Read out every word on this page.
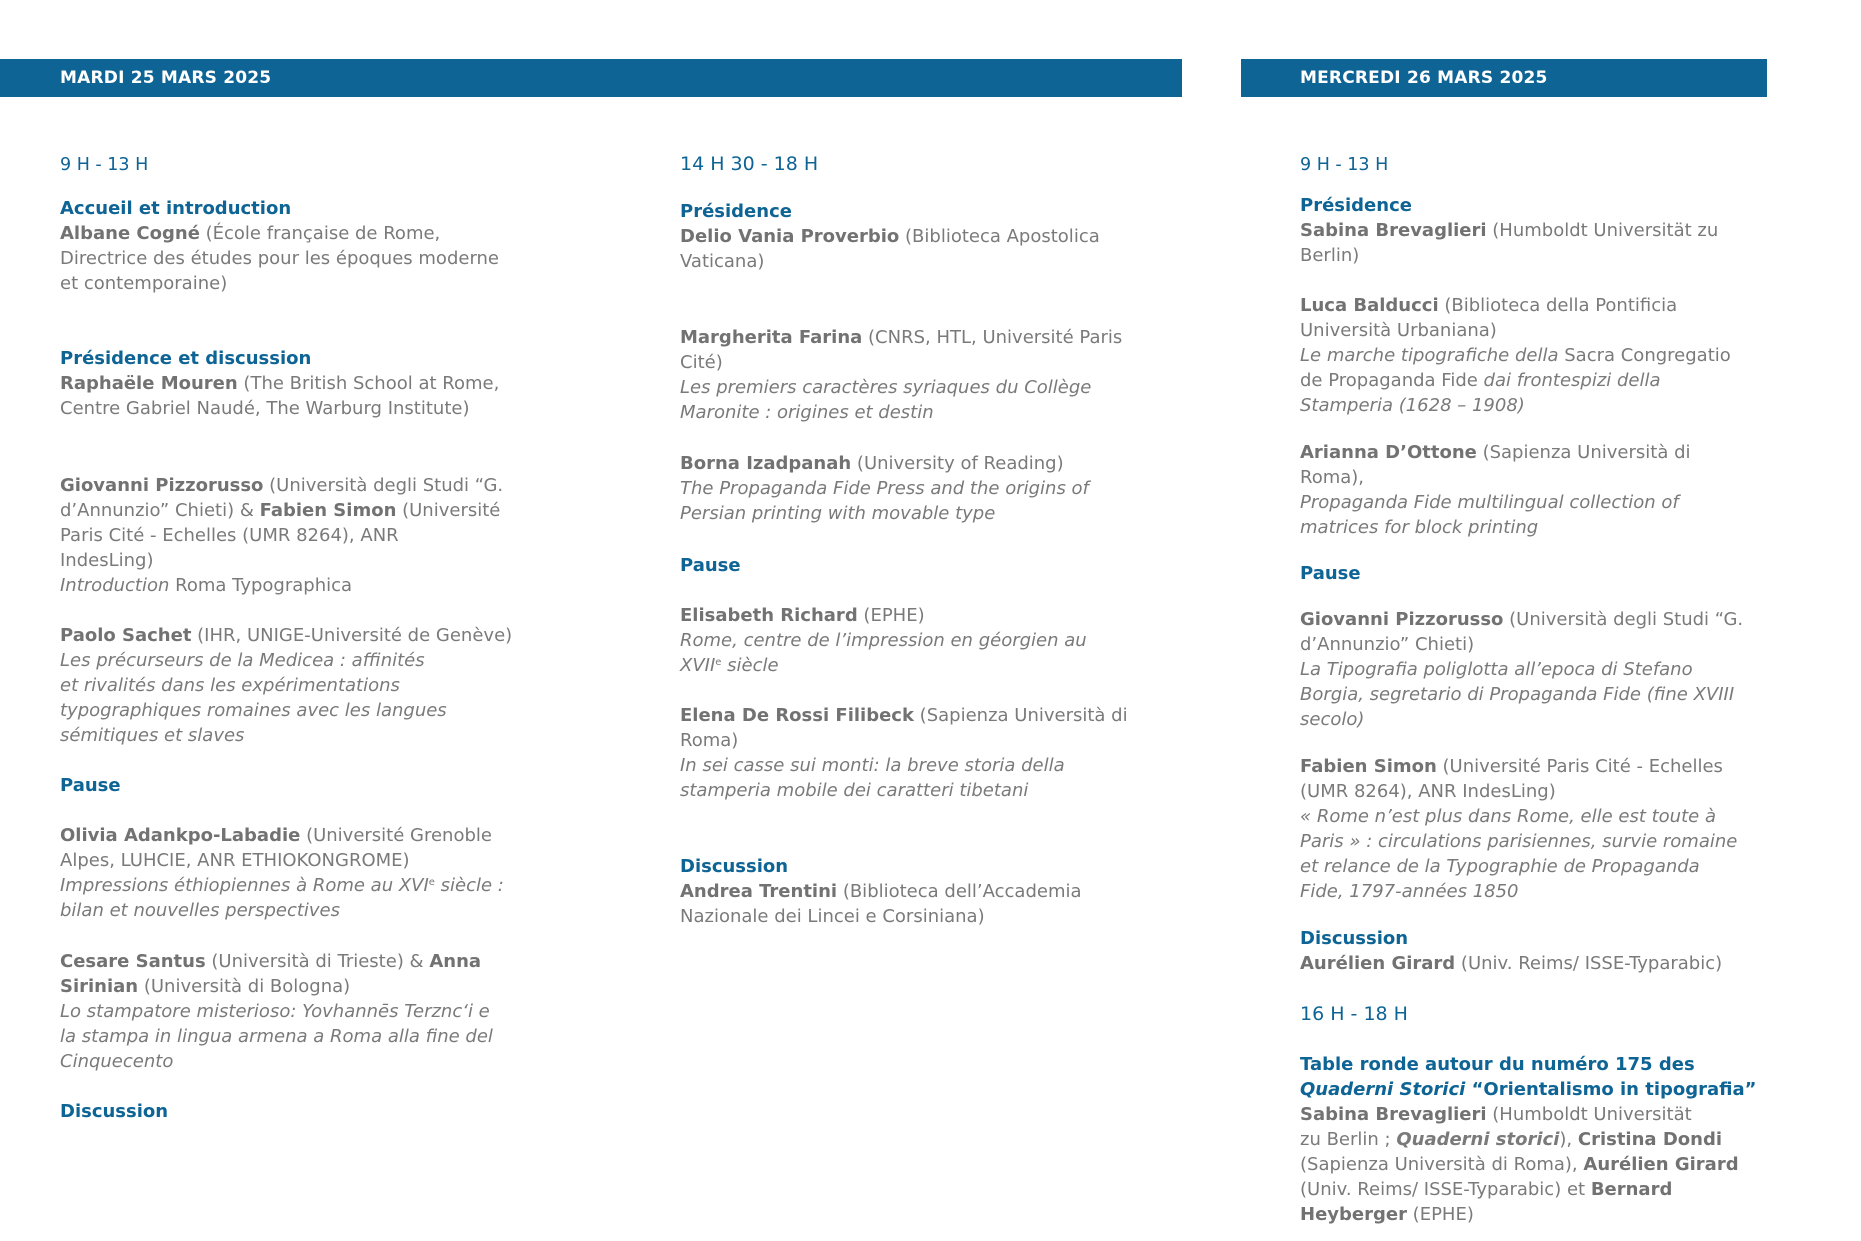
MARDI 25 MARS 2025	MERCREDI 26 MARS 2025
9 H - 13 H
Accueil et introduction
Albane Cogné (École française de Rome,
Directrice des études pour les époques moderne
et contemporaine)
Présidence et discussion
Raphaële Mouren (The British School at Rome,
Centre Gabriel Naudé, The Warburg Institute)
Giovanni Pizzorusso (Università degli Studi “G.
d’Annunzio” Chieti) & Fabien Simon (Université
Paris Cité - Echelles (UMR 8264), ANR
IndesLing)
Introduction Roma Typographica
Paolo Sachet (IHR, UNIGE-Université de Genève)
Les précurseurs de la Medicea : affinités
et rivalités dans les expérimentations
typographiques romaines avec les langues
sémitiques et slaves
Pause
Olivia Adankpo-Labadie (Université Grenoble
Alpes, LUHCIE, ANR ETHIOKONGROME)
Impressions éthiopiennes à Rome au XVIe siècle :
bilan et nouvelles perspectives
Cesare Santus (Università di Trieste) & Anna
Sirinian (Università di Bologna)
Lo stampatore misterioso: Yovhannēs Terznc‘i e
la stampa in lingua armena a Roma alla fine del
Cinquecento
Discussion
14 H 30 - 18 H
Présidence
Delio Vania Proverbio (Biblioteca Apostolica
Vaticana)
Margherita Farina (CNRS, HTL, Université Paris
Cité)
Les premiers caractères syriaques du Collège
Maronite : origines et destin
Borna Izadpanah (University of Reading)
The Propaganda Fide Press and the origins of
Persian printing with movable type
Pause
Elisabeth Richard (EPHE)
Rome, centre de l’impression en géorgien au
XVIIe siècle
Elena De Rossi Filibeck (Sapienza Università di
Roma)
In sei casse sui monti: la breve storia della
stamperia mobile dei caratteri tibetani
Discussion
Andrea Trentini (Biblioteca dell’Accademia
Nazionale dei Lincei e Corsiniana)
9 H - 13 H
Présidence
Sabina Brevaglieri (Humboldt Universität zu
Berlin)
Luca Balducci (Biblioteca della Pontificia
Università Urbaniana)
Le marche tipografiche della Sacra Congregatio
de Propaganda Fide dai frontespizi della
Stamperia (1628 – 1908)
Arianna D’Ottone (Sapienza Università di
Roma),
Propaganda Fide multilingual collection of
matrices for block printing
Pause
Giovanni Pizzorusso (Università degli Studi “G.
d’Annunzio” Chieti)
La Tipografia poliglotta all’epoca di Stefano
Borgia, segretario di Propaganda Fide (fine XVIII
secolo)
Fabien Simon (Université Paris Cité - Echelles
(UMR 8264), ANR IndesLing)
« Rome n’est plus dans Rome, elle est toute à
Paris » : circulations parisiennes, survie romaine
et relance de la Typographie de Propaganda
Fide, 1797-années 1850
Discussion
Aurélien Girard (Univ. Reims/ ISSE-Typarabic)
16 H - 18 H
Table ronde autour du numéro 175 des
Quaderni Storici “Orientalismo in tipografia”
Sabina Brevaglieri (Humboldt Universität
zu Berlin ; Quaderni storici), Cristina Dondi
(Sapienza Università di Roma), Aurélien Girard
(Univ. Reims/ ISSE-Typarabic) et Bernard
Heyberger (EPHE)
